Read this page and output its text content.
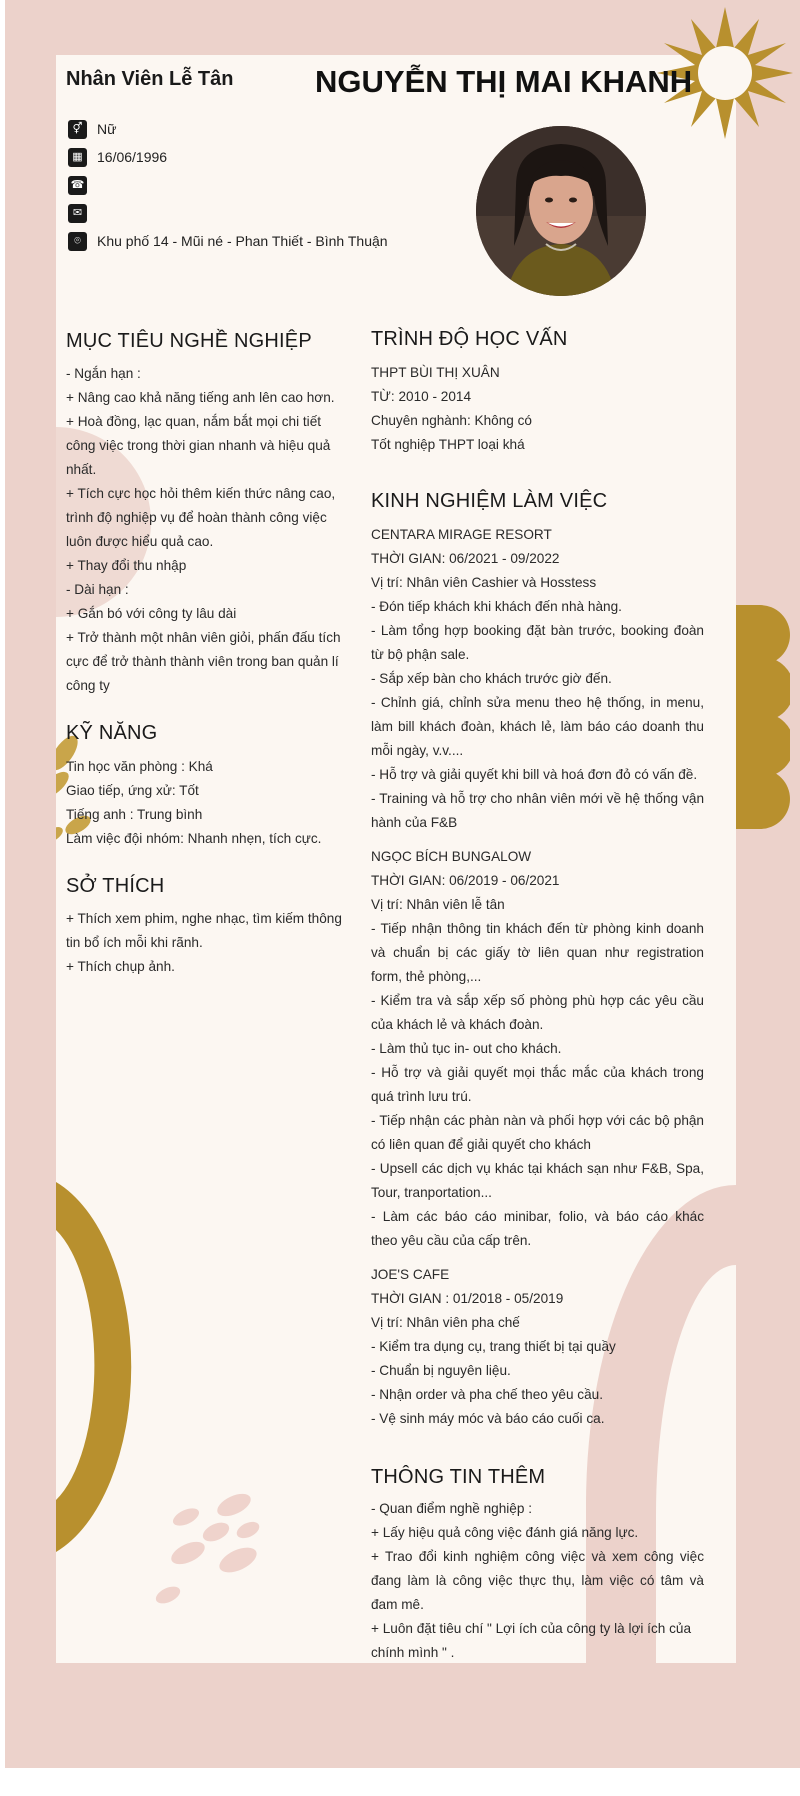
Nhân Viên Lễ Tân	NGUYỄN THỊ MAI KHANH
⚥	Nữ
▦	16/06/1996
☎
✉
⌾	Khu phố 14 - Mũi né - Phan Thiết - Bình Thuận
MỤC TIÊU NGHỀ NGHIỆP
- Ngắn hạn :
+ Nâng cao khả năng tiếng anh lên cao hơn.
+ Hoà đồng, lạc quan, nắm bắt mọi chi tiết
công việc trong thời gian nhanh và hiệu quả
nhất.
+ Tích cực học hỏi thêm kiến thức nâng cao,
trình độ nghiệp vụ để hoàn thành công việc
luôn được hiểu quả cao.
+ Thay đổi thu nhập
- Dài hạn :
+ Gắn bó với công ty lâu dài
+ Trở thành một nhân viên giỏi, phấn đấu tích
cực để trở thành thành viên trong ban quản lí
công ty
KỸ NĂNG
Tin học văn phòng : Khá
Giao tiếp, ứng xử: Tốt
Tiếng anh : Trung bình
Làm việc đội nhóm: Nhanh nhẹn, tích cực.
SỞ THÍCH
+ Thích xem phim, nghe nhạc, tìm kiếm thông
tin bổ ích mỗi khi rãnh.
+ Thích chụp ảnh.
TRÌNH ĐỘ HỌC VẤN
THPT BÙI THỊ XUÂN
TỪ: 2010 - 2014
Chuyên nghành: Không có
Tốt nghiệp THPT loại khá
KINH NGHIỆM LÀM VIỆC
CENTARA MIRAGE RESORT
THỜI GIAN: 06/2021 - 09/2022
Vị trí: Nhân viên Cashier và Hosstess
- Đón tiếp khách khi khách đến nhà hàng.
- Làm tổng hợp booking đặt bàn trước, booking đoàn
từ bộ phận sale.
- Sắp xếp bàn cho khách trước giờ đến.
- Chỉnh giá, chỉnh sửa menu theo hệ thống, in menu,
làm bill khách đoàn, khách lẻ, làm báo cáo doanh thu
mỗi ngày, v.v....
- Hỗ trợ và giải quyết khi bill và hoá đơn đỏ có vấn đề.
- Training và hỗ trợ cho nhân viên mới về hệ thống vận
hành của F&B
NGỌC BÍCH BUNGALOW
THỜI GIAN: 06/2019 - 06/2021
Vị trí: Nhân viên lễ tân
- Tiếp nhận thông tin khách đến từ phòng kinh doanh
và chuẩn bị các giấy tờ liên quan như registration
form, thẻ phòng,...
- Kiểm tra và sắp xếp số phòng phù hợp các yêu cầu
của khách lẻ và khách đoàn.
- Làm thủ tục in- out cho khách.
- Hỗ trợ và giải quyết mọi thắc mắc của khách trong
quá trình lưu trú.
- Tiếp nhận các phàn nàn và phối hợp với các bộ phận
có liên quan để giải quyết cho khách
- Upsell các dịch vụ khác tại khách sạn như F&B, Spa,
Tour, tranportation...
- Làm các báo cáo minibar, folio, và báo cáo khác
theo yêu cầu của cấp trên.
JOE'S CAFE
THỜI GIAN : 01/2018 - 05/2019
Vị trí: Nhân viên pha chế
- Kiểm tra dụng cụ, trang thiết bị tại quầy
- Chuẩn bị nguyên liệu.
- Nhận order và pha chế theo yêu cầu.
- Vệ sinh máy móc và báo cáo cuối ca.
THÔNG TIN THÊM
- Quan điểm nghề nghiệp :
+ Lấy hiệu quả công việc đánh giá năng lực.
+ Trao đổi kinh nghiệm công việc và xem công việc
đang làm là công việc thực thụ, làm việc có tâm và
đam mê.
+ Luôn đặt tiêu chí " Lợi ích của công ty là lợi ích của
chính mình " .
